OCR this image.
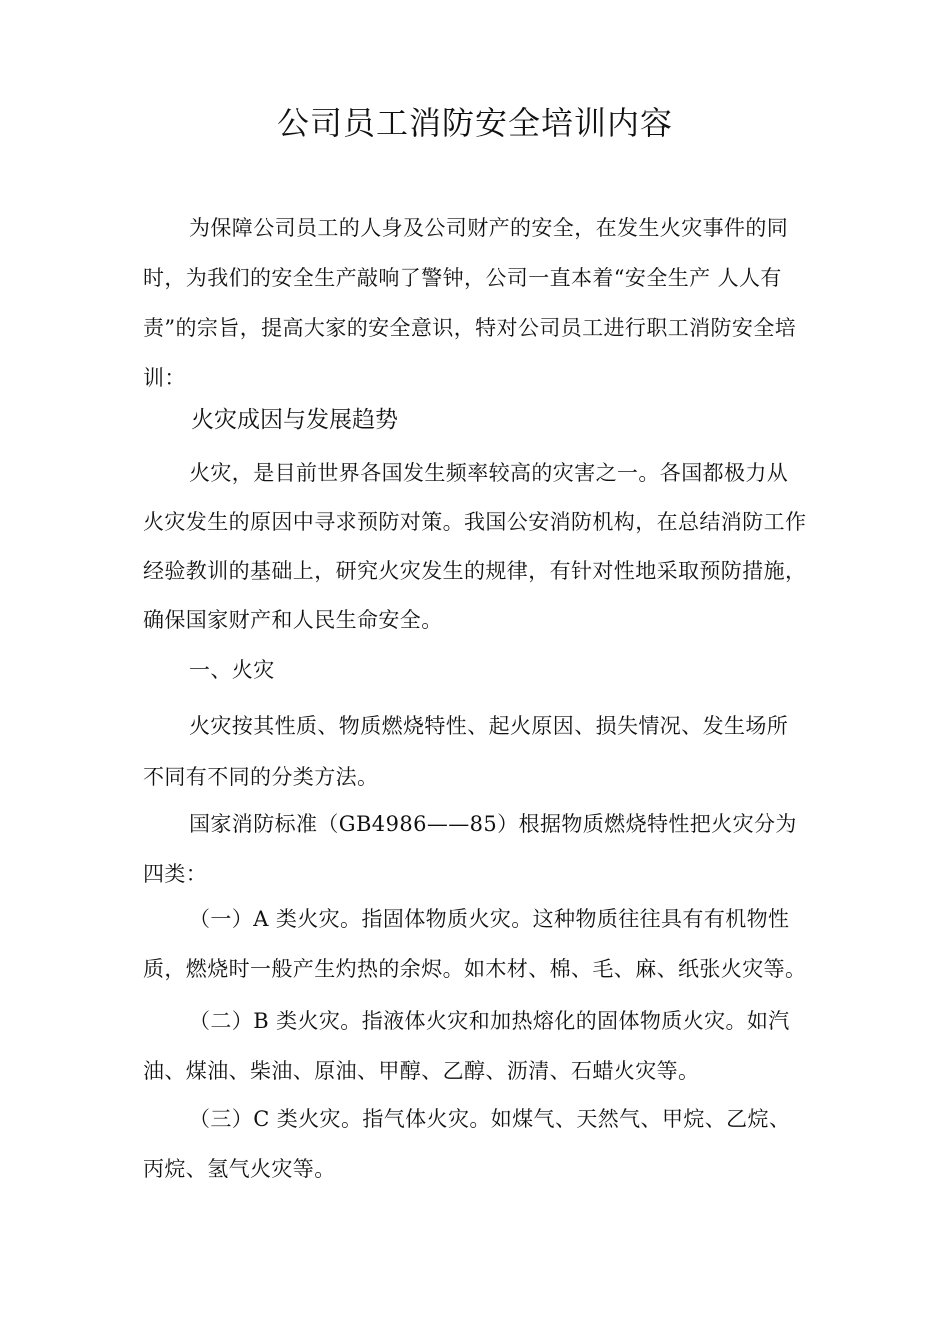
公司员工消防安全培训内容
为保障公司员工的人身及公司财产的安全，在发生火灾事件的同时，为我们的安全生产敲响了警钟，公司一直本着“安全生产 人人有责”的宗旨，提高大家的安全意识，特对公司员工进行职工消防安全培训：
火灾成因与发展趋势
火灾，是目前世界各国发生频率较高的灾害之一。各国都极力从火灾发生的原因中寻求预防对策。我国公安消防机构，在总结消防工作经验教训的基础上，研究火灾发生的规律，有针对性地采取预防措施，确保国家财产和人民生命安全。
一、火灾
火灾按其性质、物质燃烧特性、起火原因、损失情况、发生场所不同有不同的分类方法。
国家消防标准（GB4986——85）根据物质燃烧特性把火灾分为四类：
（一）A 类火灾。指固体物质火灾。这种物质往往具有有机物性质，燃烧时一般产生灼热的余烬。如木材、棉、毛、麻、纸张火灾等。
（二）B 类火灾。指液体火灾和加热熔化的固体物质火灾。如汽油、煤油、柴油、原油、甲醇、乙醇、沥清、石蜡火灾等。
（三）C 类火灾。指气体火灾。如煤气、天然气、甲烷、乙烷、丙烷、氢气火灾等。
